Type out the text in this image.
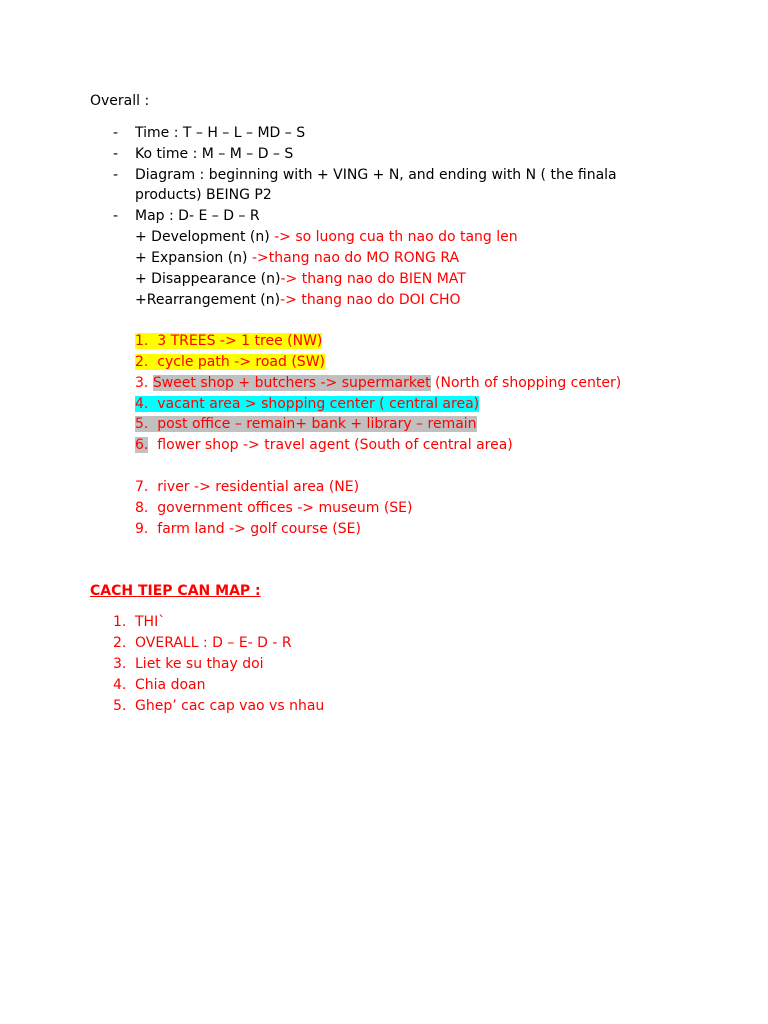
Overall :
- Time : T – H – L – MD – S
- Ko time : M – M – D – S
- Diagram : beginning with + VING + N, and ending with N ( the finala
products) BEING P2
- Map : D- E – D – R
+ Development (n) -> so luong cua th nao do tang len
+ Expansion (n) ->thang nao do MO RONG RA
+ Disappearance (n)-> thang nao do BIEN MAT
+Rearrangement (n)-> thang nao do DOI CHO
1. 3 TREES -> 1 tree (NW)
2. cycle path -> road (SW)
3. Sweet shop + butchers -> supermarket (North of shopping center)
4. vacant area > shopping center ( central area)
5. post office – remain+ bank + library – remain
6. flower shop -> travel agent (South of central area)
7. river -> residential area (NE)
8. government offices -> museum (SE)
9. farm land -> golf course (SE)
CACH TIEP CAN MAP :
1. THI`
2. OVERALL : D – E- D - R
3. Liet ke su thay doi
4. Chia doan
5. Ghep’ cac cap vao vs nhau
